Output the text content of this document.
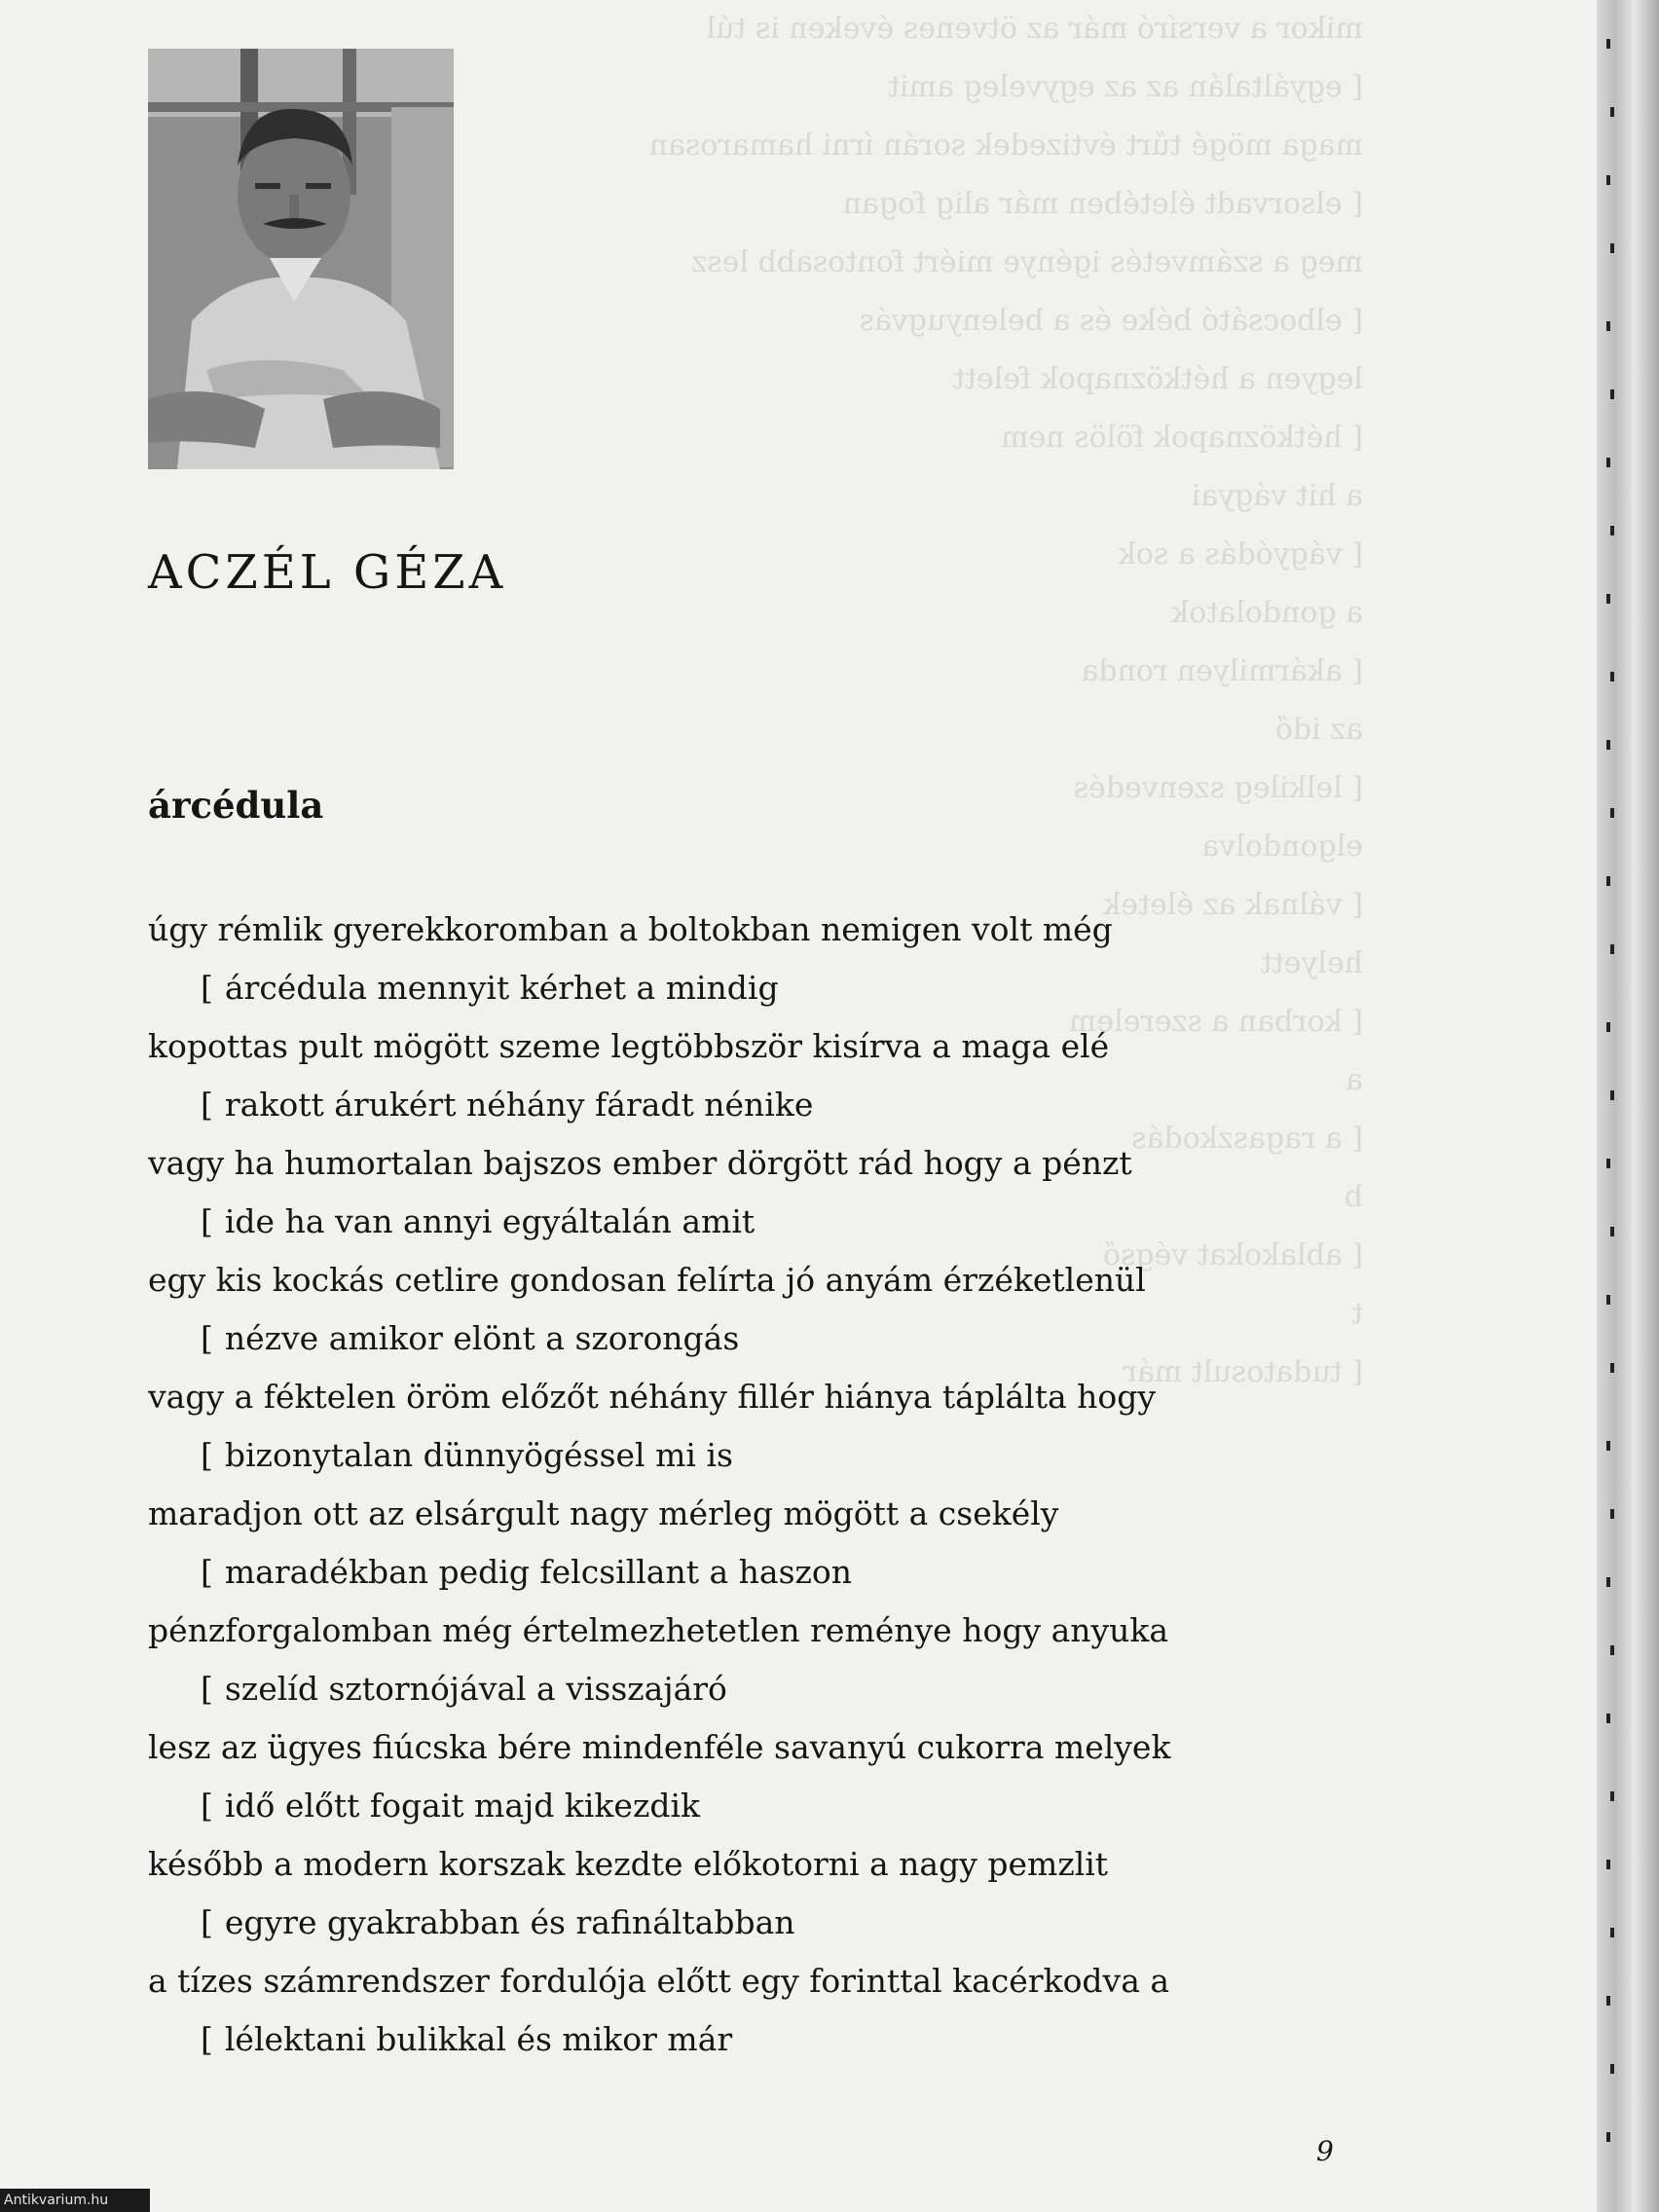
mikor a versíró már az ötvenes éveken is túl
[ egyáltalán az az egyveleg amit
maga mögé tűrt évtizedek során írni hamarosan
[ elsorvadt életében már alig fogan
meg a számvetés igénye miért fontosabb lesz
[ elbocsátó béke és a belenyugvás
legyen a hétköznapok felett
[ hétköznapok fölös nem
a hit vágyai
[ vágyódás a sok
a gondolatok
[ akármilyen ronda
az idő
[ lelkileg szenvedés
elgondolva
[ válnak az életek
helyett
[ korban a szerelem
a
[ a ragaszkodás
b
[ ablakokat végső
t
[ tudatosult már
ACZÉL GÉZA
árcédula
úgy rémlik gyerekkoromban a boltokban nemigen volt még
[ árcédula mennyit kérhet a mindig
kopottas pult mögött szeme legtöbbször kisírva a maga elé
[ rakott árukért néhány fáradt nénike
vagy ha humortalan bajszos ember dörgött rád hogy a pénzt
[ ide ha van annyi egyáltalán amit
egy kis kockás cetlire gondosan felírta jó anyám érzéketlenül
[ nézve amikor elönt a szorongás
vagy a féktelen öröm előzőt néhány fillér hiánya táplálta hogy
[ bizonytalan dünnyögéssel mi is
maradjon ott az elsárgult nagy mérleg mögött a csekély
[ maradékban pedig felcsillant a haszon
pénzforgalomban még értelmezhetetlen reménye hogy anyuka
[ szelíd sztornójával a visszajáró
lesz az ügyes fiúcska bére mindenféle savanyú cukorra melyek
[ idő előtt fogait majd kikezdik
később a modern korszak kezdte előkotorni a nagy pemzlit
[ egyre gyakrabban és rafináltabban
a tízes számrendszer fordulója előtt egy forinttal kacérkodva a
[ lélektani bulikkal és mikor már
9
Antikvarium.hu
